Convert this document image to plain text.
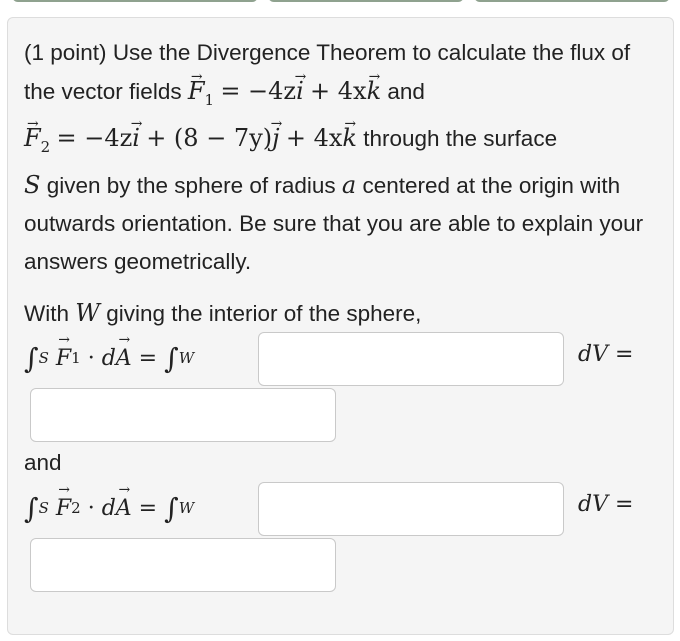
(1 point) Use the Divergence Theorem to calculate the flux of the vector fields $F \to_1 = -4zi$ → + 4xk → and
$F \to_2 = -4zi$ → + (8 − 7y)j → + 4xk → through the surface
S given by the sphere of radius a centered at the origin with outwards orientation. Be sure that you are able to explain your answers geometrically.
With W giving the interior of the sphere,
∫ S
F → 1
·
d A →
=
∫ W	dV =
and
∫ S
F → 2
·
d A →
=
∫ W	dV =
